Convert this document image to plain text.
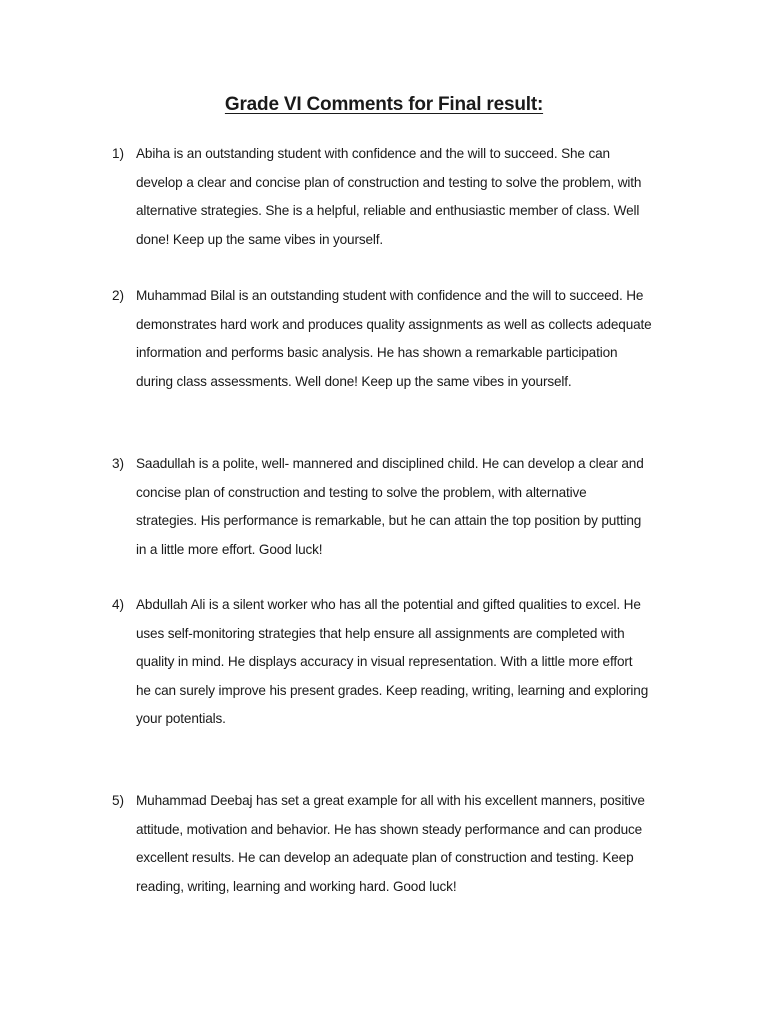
Grade VI Comments for Final result:
1) Abiha is an outstanding student with confidence and the will to succeed. She can
develop a clear and concise plan of construction and testing to solve the problem, with
alternative strategies. She is a helpful, reliable and enthusiastic member of class. Well
done! Keep up the same vibes in yourself.
2) Muhammad Bilal is an outstanding student with confidence and the will to succeed. He
demonstrates hard work and produces quality assignments as well as collects adequate
information and performs basic analysis. He has shown a remarkable participation
during class assessments. Well done! Keep up the same vibes in yourself.
3) Saadullah is a polite, well- mannered and disciplined child. He can develop a clear and
concise plan of construction and testing to solve the problem, with alternative
strategies. His performance is remarkable, but he can attain the top position by putting
in a little more effort. Good luck!
4) Abdullah Ali is a silent worker who has all the potential and gifted qualities to excel. He
uses self-monitoring strategies that help ensure all assignments are completed with
quality in mind. He displays accuracy in visual representation. With a little more effort
he can surely improve his present grades. Keep reading, writing, learning and exploring
your potentials.
5) Muhammad Deebaj has set a great example for all with his excellent manners, positive
attitude, motivation and behavior. He has shown steady performance and can produce
excellent results. He can develop an adequate plan of construction and testing. Keep
reading, writing, learning and working hard. Good luck!
